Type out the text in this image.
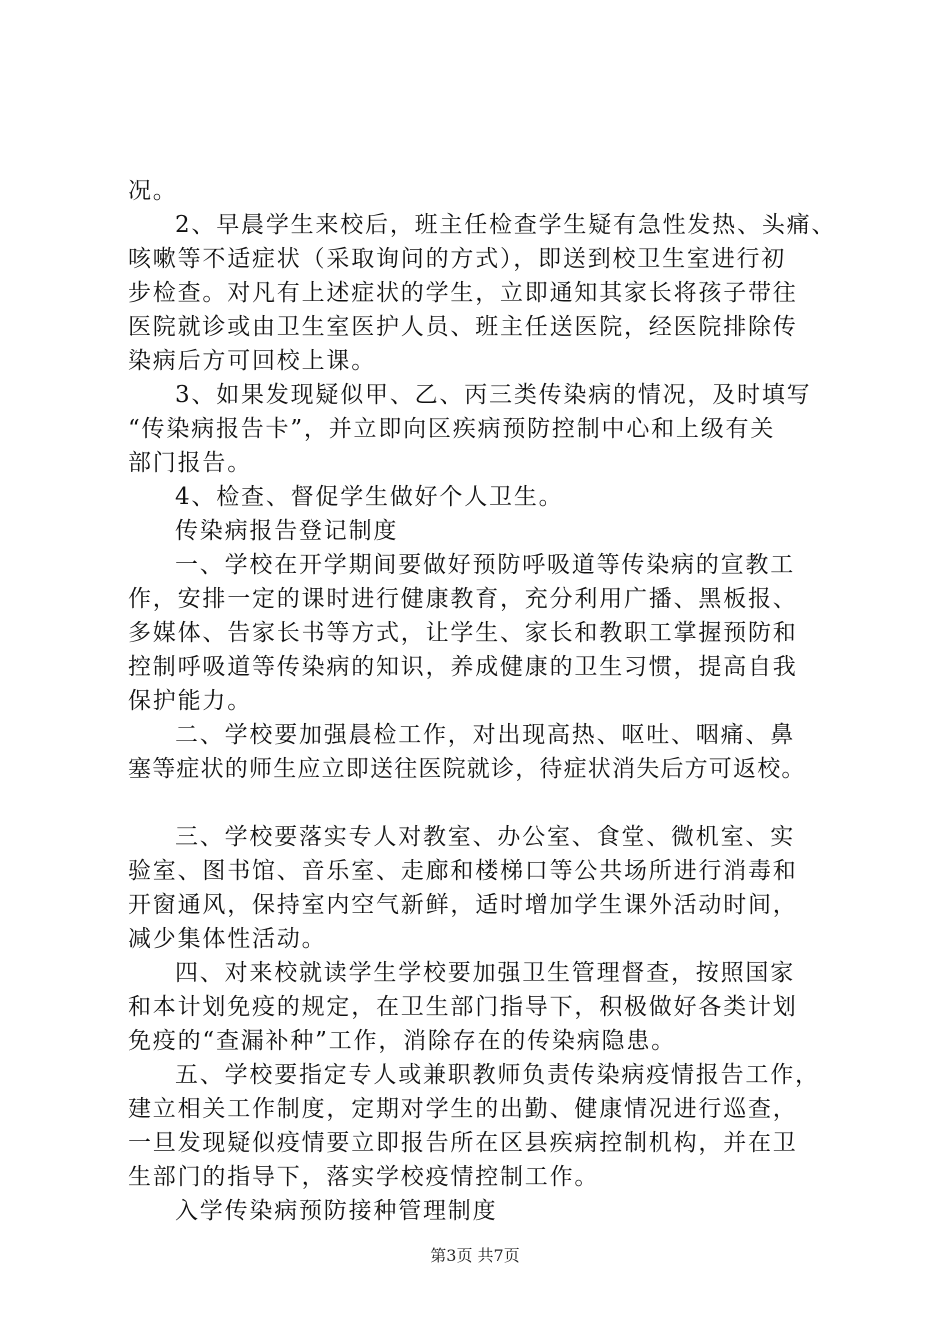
况。
2、早晨学生来校后，班主任检查学生疑有急性发热、头痛、
咳嗽等不适症状（采取询问的方式），即送到校卫生室进行初
步检查。对凡有上述症状的学生，立即通知其家长将孩子带往
医院就诊或由卫生室医护人员、班主任送医院，经医院排除传
染病后方可回校上课。
3、如果发现疑似甲、乙、丙三类传染病的情况，及时填写
“传染病报告卡”，并立即向区疾病预防控制中心和上级有关
部门报告。
4、检查、督促学生做好个人卫生。
传染病报告登记制度
一、学校在开学期间要做好预防呼吸道等传染病的宣教工
作，安排一定的课时进行健康教育，充分利用广播、黑板报、
多媒体、告家长书等方式，让学生、家长和教职工掌握预防和
控制呼吸道等传染病的知识，养成健康的卫生习惯，提高自我
保护能力。
二、学校要加强晨检工作，对出现高热、呕吐、咽痛、鼻
塞等症状的师生应立即送往医院就诊，待症状消失后方可返校。
三、学校要落实专人对教室、办公室、食堂、微机室、实
验室、图书馆、音乐室、走廊和楼梯口等公共场所进行消毒和
开窗通风，保持室内空气新鲜，适时增加学生课外活动时间，
减少集体性活动。
四、对来校就读学生学校要加强卫生管理督查，按照国家
和本计划免疫的规定，在卫生部门指导下，积极做好各类计划
免疫的“查漏补种”工作，消除存在的传染病隐患。
五、学校要指定专人或兼职教师负责传染病疫情报告工作，
建立相关工作制度，定期对学生的出勤、健康情况进行巡查，
一旦发现疑似疫情要立即报告所在区县疾病控制机构，并在卫
生部门的指导下，落实学校疫情控制工作。
入学传染病预防接种管理制度
第3页 共7页
